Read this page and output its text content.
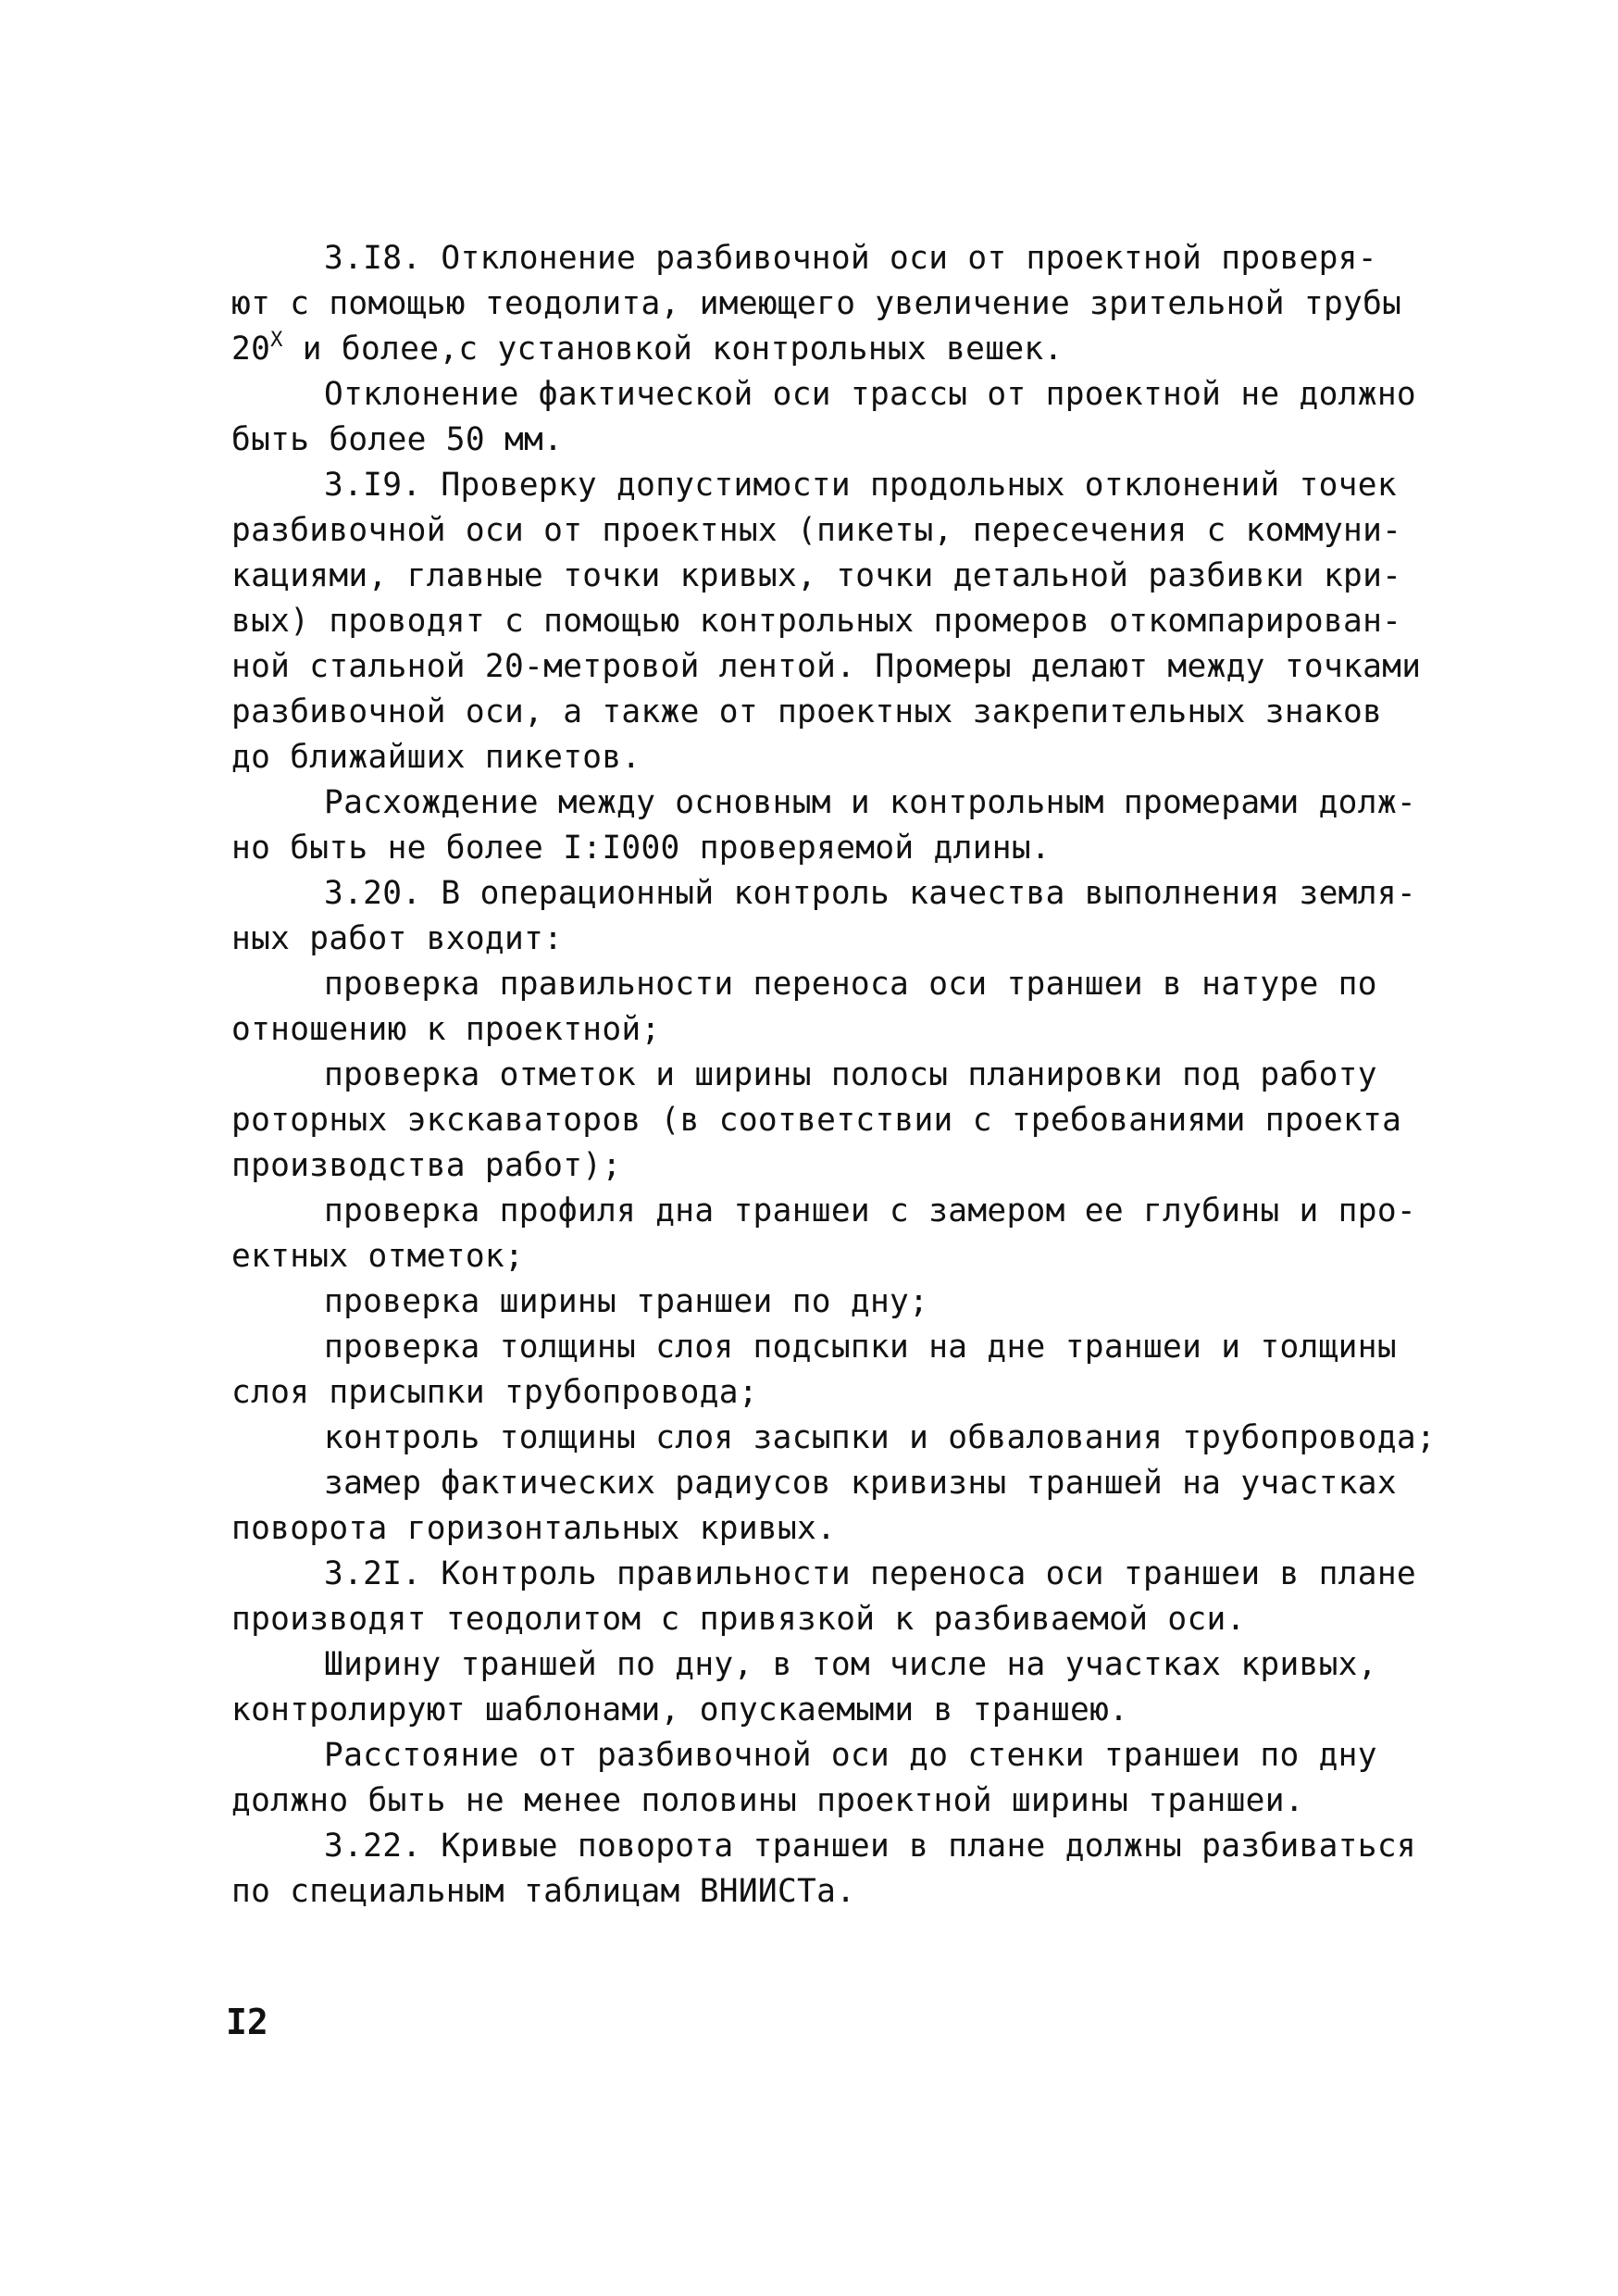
3.I8. Отклонение разбивочной оси от проектной проверя-
ют с помощью теодолита, имеющего увеличение зрительной трубы
$20^X$ и более,с установкой контрольных вешек.
Отклонение фактической оси трассы от проектной не должно
быть более 50 мм.
3.I9. Проверку допустимости продольных отклонений точек
разбивочной оси от проектных (пикеты, пересечения с коммуни-
кациями, главные точки кривых, точки детальной разбивки кри-
вых) проводят с помощью контрольных промеров откомпарирован-
ной стальной 20-метровой лентой. Промеры делают между точками
разбивочной оси, а также от проектных закрепительных знаков
до ближайших пикетов.
Расхождение между основным и контрольным промерами долж-
но быть не более I:I000 проверяемой длины.
3.20. В операционный контроль качества выполнения земля-
ных работ входит:
проверка правильности переноса оси траншеи в натуре по
отношению к проектной;
проверка отметок и ширины полосы планировки под работу
роторных экскаваторов (в соответствии с требованиями проекта
производства работ);
проверка профиля дна траншеи с замером ее глубины и про-
ектных отметок;
проверка ширины траншеи по дну;
проверка толщины слоя подсыпки на дне траншеи и толщины
слоя присыпки трубопровода;
контроль толщины слоя засыпки и обвалования трубопровода;
замер фактических радиусов кривизны траншей на участках
поворота горизонтальных кривых.
3.2I. Контроль правильности переноса оси траншеи в плане
производят теодолитом с привязкой к разбиваемой оси.
Ширину траншей по дну, в том числе на участках кривых,
контролируют шаблонами, опускаемыми в траншею.
Расстояние от разбивочной оси до стенки траншеи по дну
должно быть не менее половины проектной ширины траншеи.
3.22. Кривые поворота траншеи в плане должны разбиваться
по специальным таблицам ВНИИСТа.
I2
